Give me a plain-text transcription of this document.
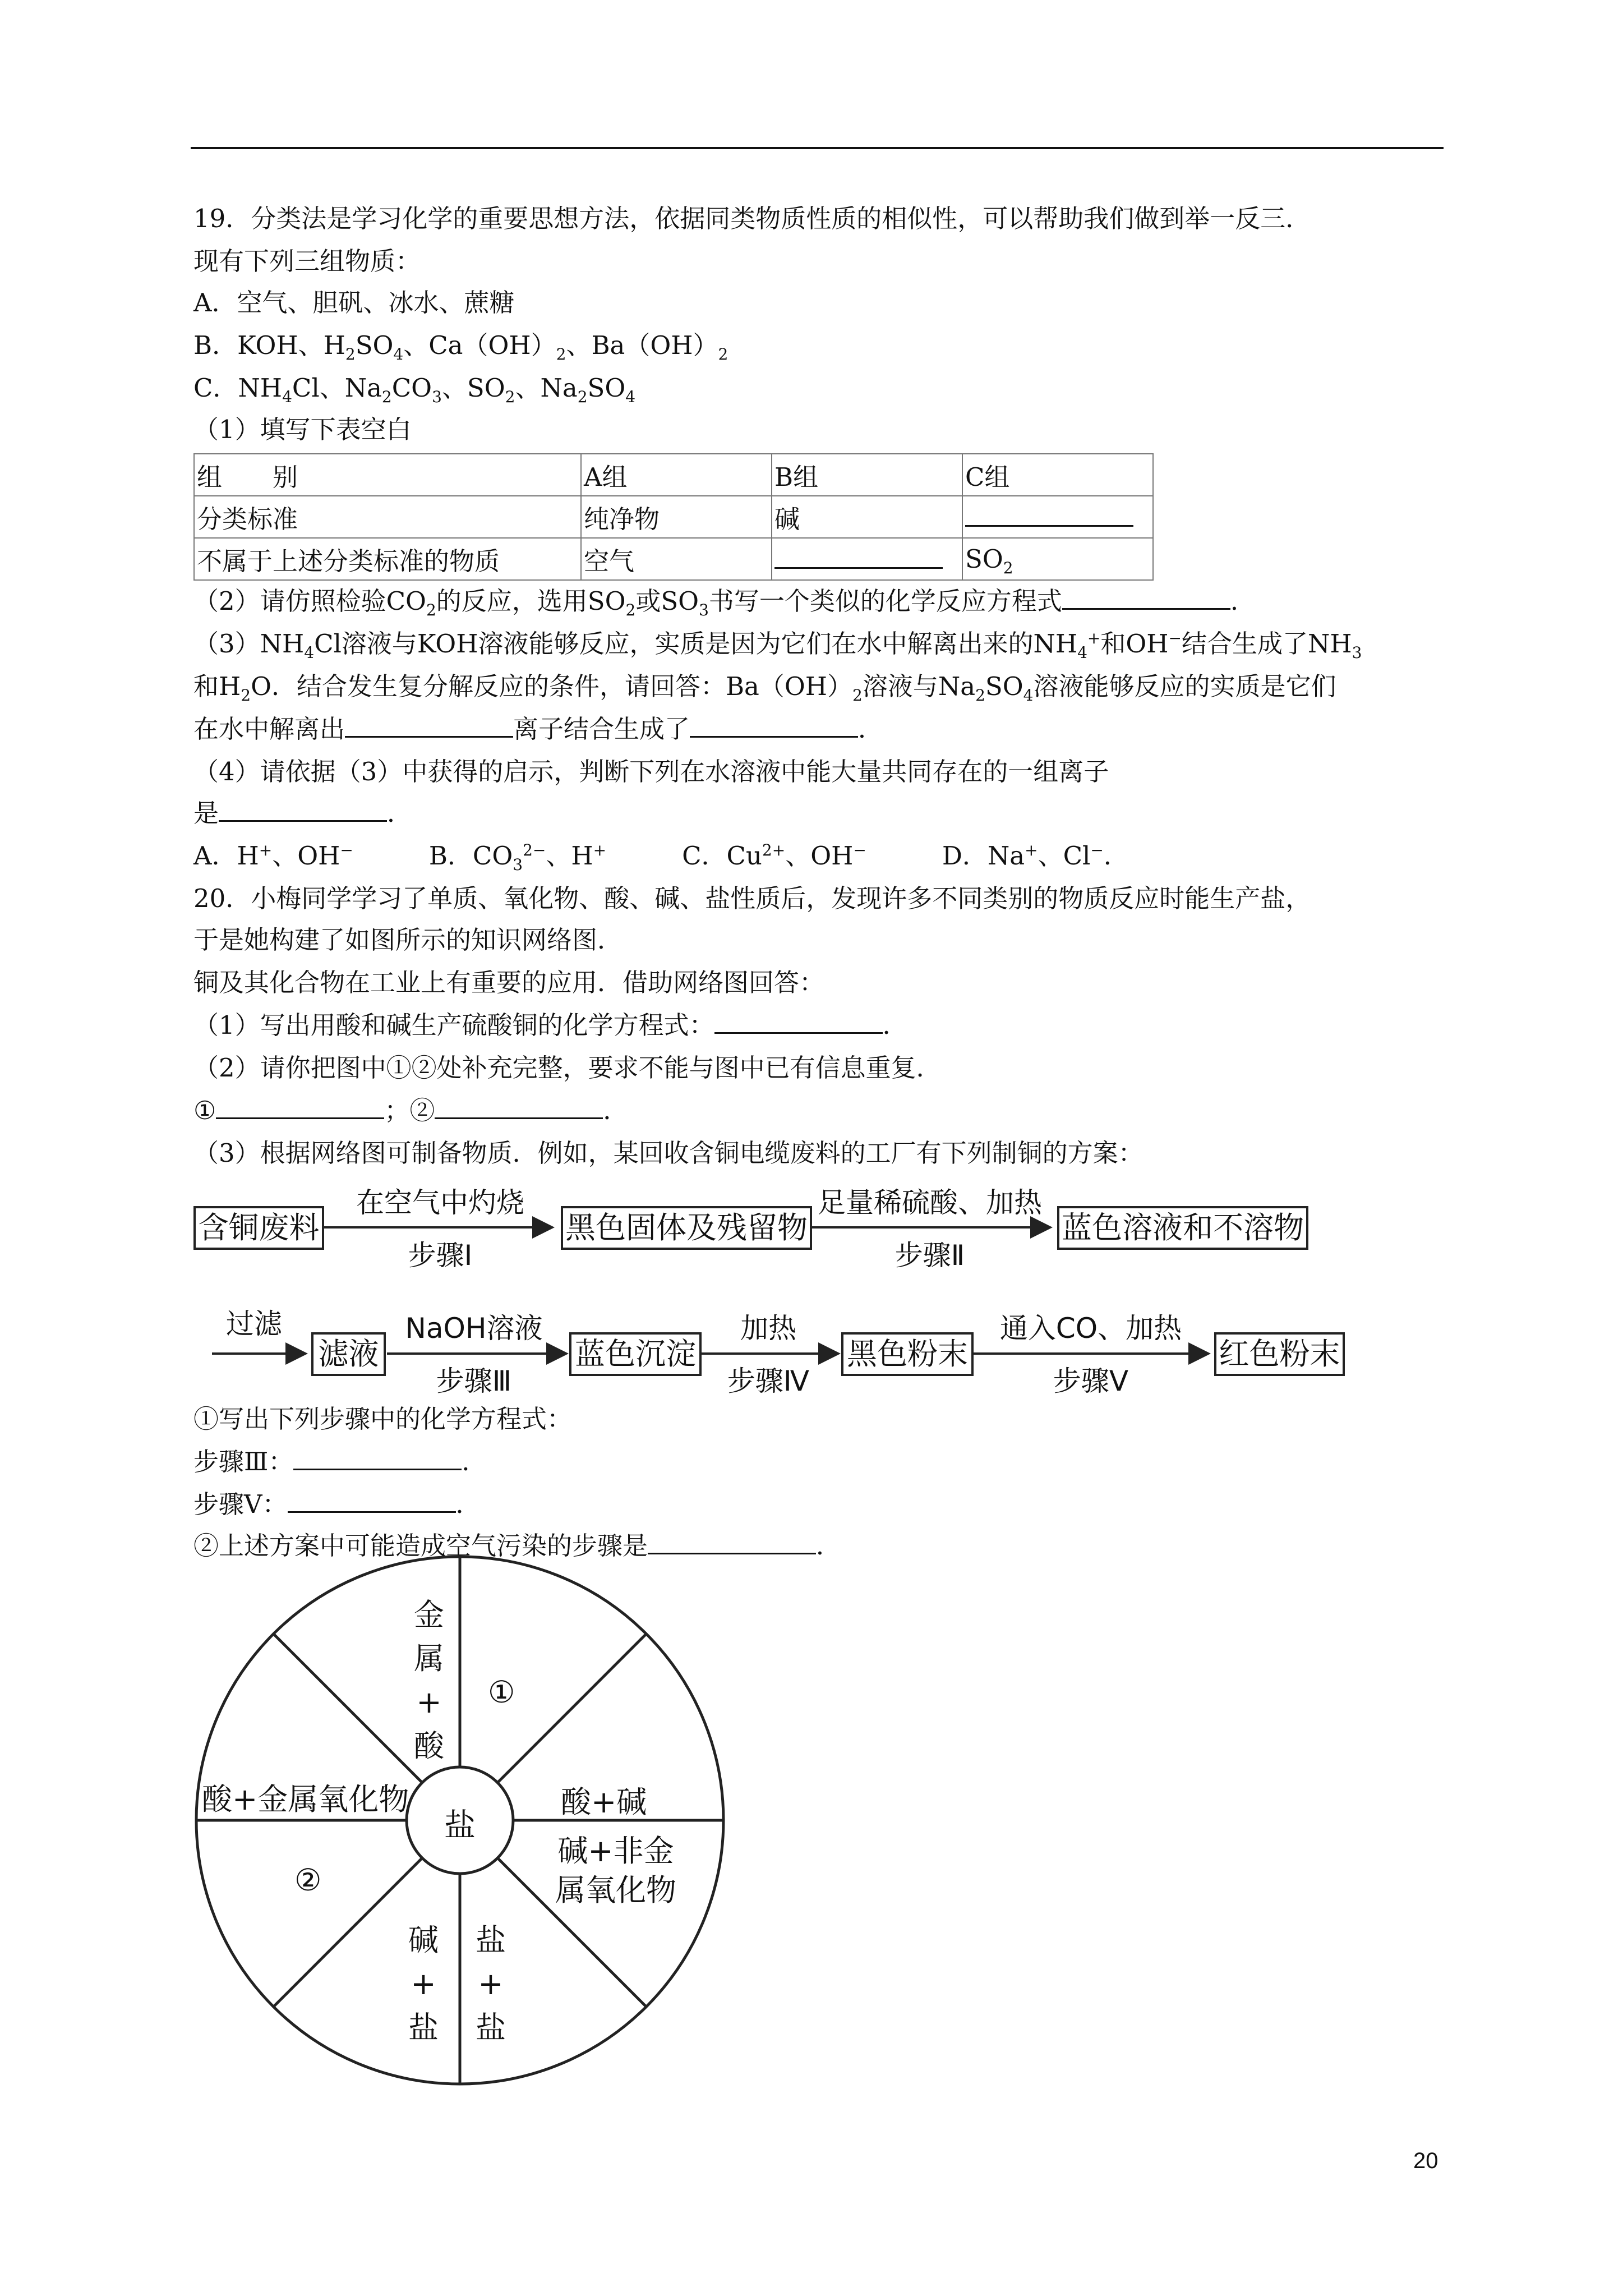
19．分类法是学习化学的重要思想方法，依据同类物质性质的相似性，可以帮助我们做到举一反三．
现有下列三组物质：
A．空气、胆矾、冰水、蔗糖
B．KOH、$H_2SO_4$、$Ca(OH)_2$、$Ba(OH)_2$
C．$NH_4Cl$、$Na_2CO_3$、$SO_2$、$Na_2SO_4$
（1）填写下表空白
组　　别	A组	B组	C组
分类标准	纯净物	碱	
不属于上述分类标准的物质	空气		$SO_2$
（2）请仿照检验$CO_2$的反应，选用$SO_2$或$SO_3$书写一个类似的化学反应方程式	．
$(3)NH_4Cl$溶液与KOH溶液能够反应，实质是因为它们在水中解离出来的$NH_4^+$和OH−结合生成了$NH_3$
和$H_2O$．结合发生复分解反应的条件，请回答：$Ba(OH)_2$溶液与$Na_2SO_4$溶液能够反应的实质是它们
在水中解离出	离子结合生成了	．
（4）请依据（3）中获得的启示，判断下列在水溶液中能大量共同存在的一组离子
是	．
A．H+、OH−　　　B．$CO_3^{2-}$、H+　　　C．$Cu^{2+}$、OH−　　　D．Na+、Cl−．
20．小梅同学学习了单质、氧化物、酸、碱、盐性质后，发现许多不同类别的物质反应时能生产盐，
于是她构建了如图所示的知识网络图．
铜及其化合物在工业上有重要的应用．借助网络图回答：
（1）写出用酸和碱生产硫酸铜的化学方程式：	．
（2）请你把图中①②处补充完整，要求不能与图中已有信息重复．
①	；②	．
（3）根据网络图可制备物质．例如，某回收含铜电缆废料的工厂有下列制铜的方案：
含铜废料
在空气中灼烧
步骤Ⅰ
黑色固体及残留物
足量稀硫酸、加热
步骤Ⅱ
蓝色溶液和不溶物
过滤
滤液
NaOH溶液
步骤Ⅲ
蓝色沉淀
加热
步骤Ⅳ
黑色粉末
通入CO、加热
步骤Ⅴ
红色粉末
①写出下列步骤中的化学方程式：
步骤Ⅲ：	．
步骤Ⅴ：	．
②上述方案中可能造成空气污染的步骤是	．
盐
金
属
+
酸
①
酸+碱
碱+非金
属氧化物
盐
+
盐
碱
+
盐
②
酸+金属氧化物
20
